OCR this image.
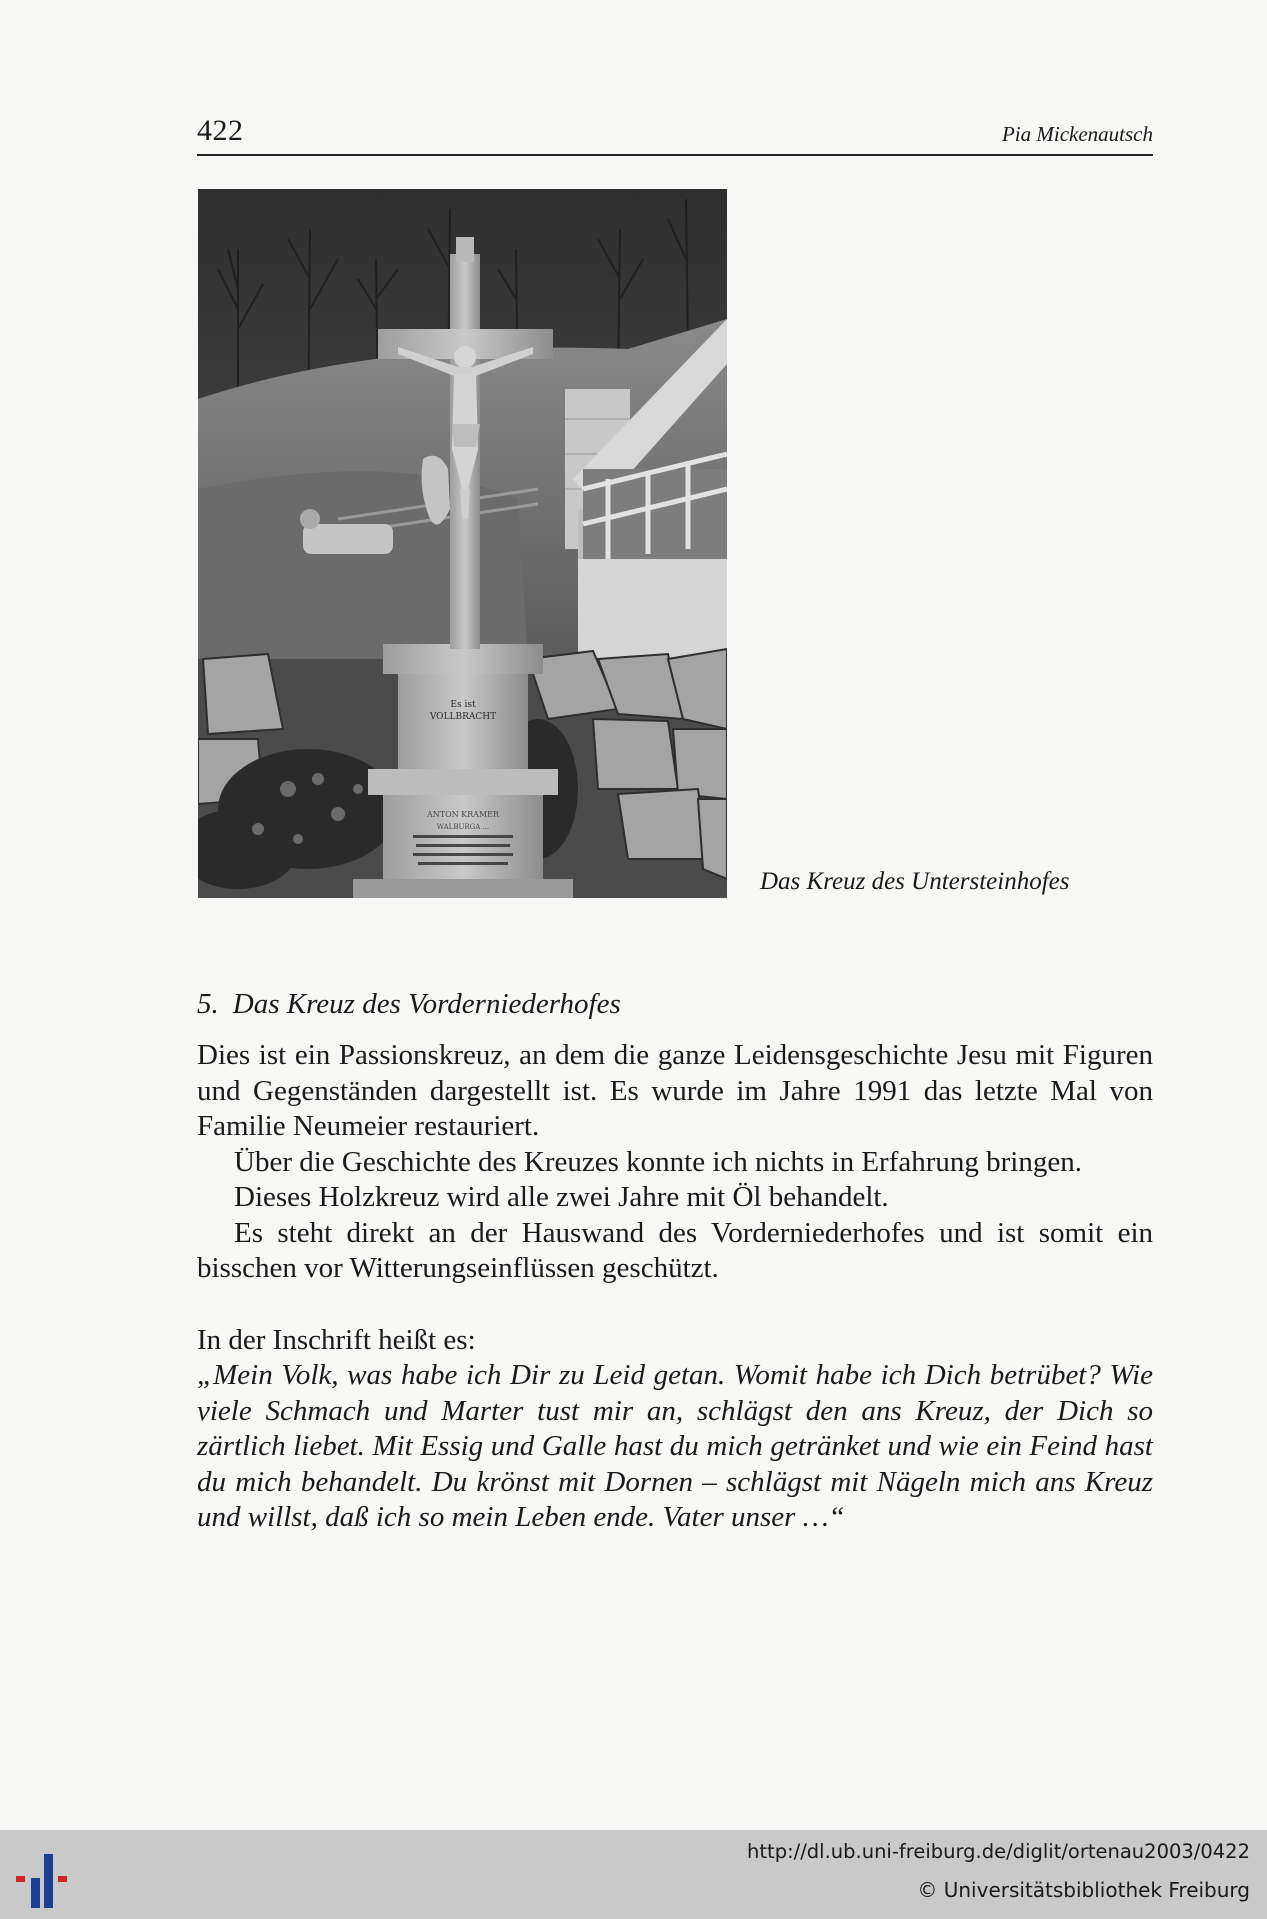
422	Pia Mickenautsch
Es ist
VOLLBRACHT
ANTON KRAMER
WALBURGA ...
Das Kreuz des Untersteinhofes
5. Das Kreuz des Vorderniederhofes

Dies ist ein Passionskreuz, an dem die ganze Leidensgeschichte Jesu mit Figuren und Gegenständen dargestellt ist. Es wurde im Jahre 1991 das letzte Mal von Familie Neumeier restauriert.

Über die Geschichte des Kreuzes konnte ich nichts in Erfahrung bringen.

Dieses Holzkreuz wird alle zwei Jahre mit Öl behandelt.

Es steht direkt an der Hauswand des Vorderniederhofes und ist somit ein bisschen vor Witterungseinflüssen geschützt.

In der Inschrift heißt es:

„Mein Volk, was habe ich Dir zu Leid getan. Womit habe ich Dich betrübet? Wie viele Schmach und Marter tust mir an, schlägst den ans Kreuz, der Dich so zärtlich liebet. Mit Essig und Galle hast du mich getränket und wie ein Feind hast du mich behandelt. Du krönst mit Dornen – schlägst mit Nägeln mich ans Kreuz und willst, daß ich so mein Leben ende. Vater unser …“

http://dl.ub.uni-freiburg.de/diglit/ortenau2003/0422
© Universitätsbibliothek Freiburg
